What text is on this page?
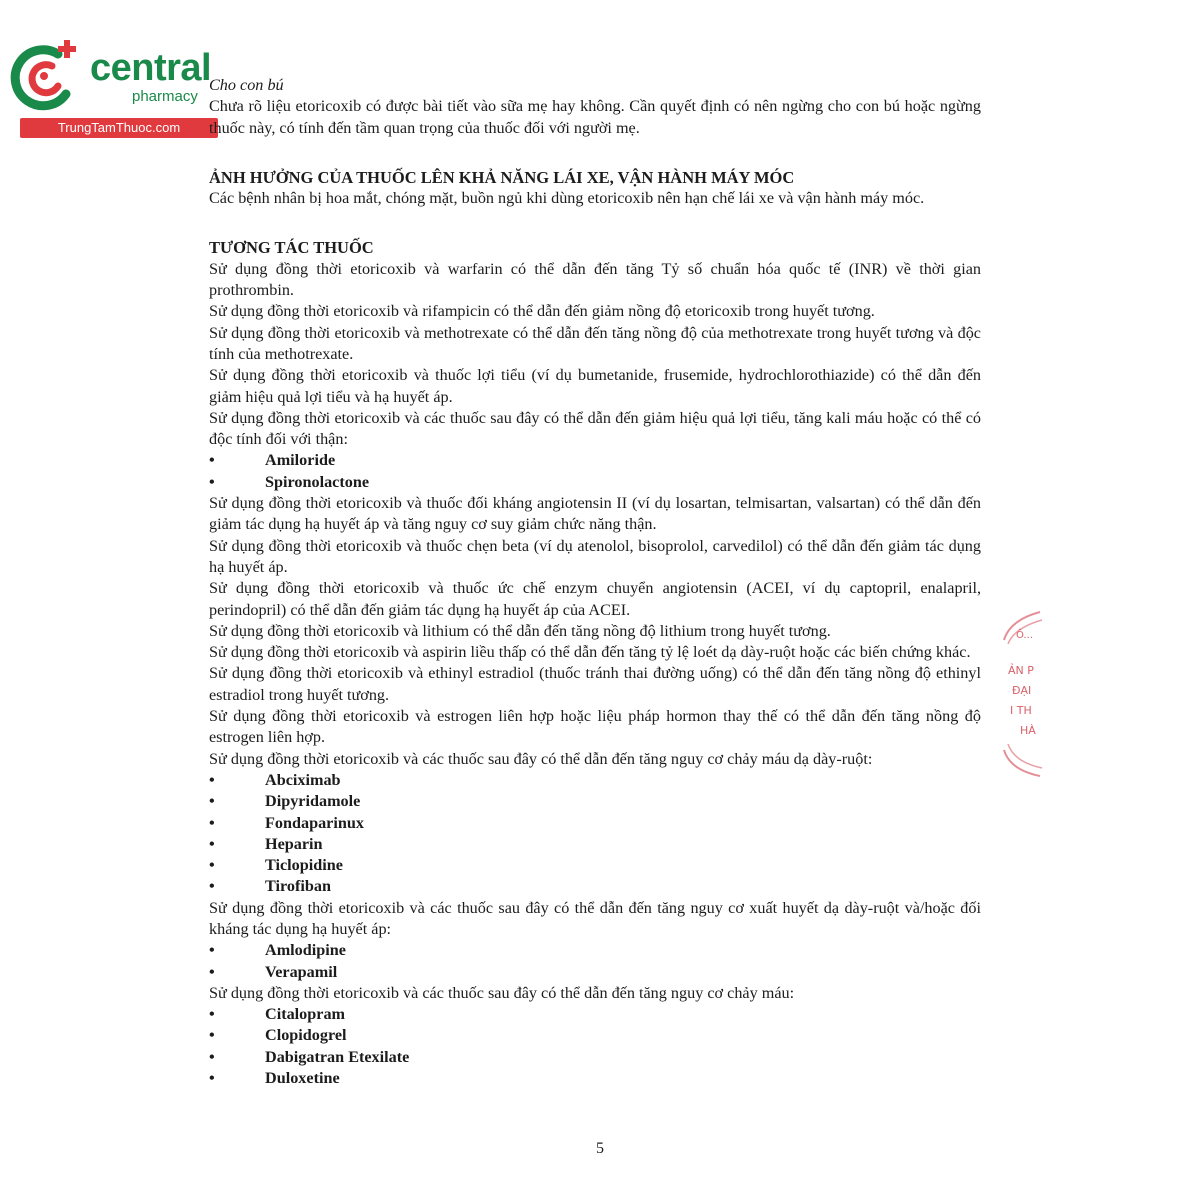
central
pharmacy
TrungTamThuoc.com

Cho con bú

Chưa rõ liệu etoricoxib có được bài tiết vào sữa mẹ hay không. Cần quyết định có nên ngừng cho con bú hoặc ngừng thuốc này, có tính đến tầm quan trọng của thuốc đối với người mẹ.

ẢNH HƯỞNG CỦA THUỐC LÊN KHẢ NĂNG LÁI XE, VẬN HÀNH MÁY MÓC

Các bệnh nhân bị hoa mắt, chóng mặt, buồn ngủ khi dùng etoricoxib nên hạn chế lái xe và vận hành máy móc.

TƯƠNG TÁC THUỐC

Sử dụng đồng thời etoricoxib và warfarin có thể dẫn đến tăng Tỷ số chuẩn hóa quốc tế (INR) về thời gian prothrombin.

Sử dụng đồng thời etoricoxib và rifampicin có thể dẫn đến giảm nồng độ etoricoxib trong huyết tương.

Sử dụng đồng thời etoricoxib và methotrexate có thể dẫn đến tăng nồng độ của methotrexate trong huyết tương và độc tính của methotrexate.

Sử dụng đồng thời etoricoxib và thuốc lợi tiểu (ví dụ bumetanide, frusemide, hydrochlorothiazide) có thể dẫn đến giảm hiệu quả lợi tiểu và hạ huyết áp.

Sử dụng đồng thời etoricoxib và các thuốc sau đây có thể dẫn đến giảm hiệu quả lợi tiểu, tăng kali máu hoặc có thể có độc tính đối với thận:

• Amiloride
• Spironolactone

Sử dụng đồng thời etoricoxib và thuốc đối kháng angiotensin II (ví dụ losartan, telmisartan, valsartan) có thể dẫn đến giảm tác dụng hạ huyết áp và tăng nguy cơ suy giảm chức năng thận.

Sử dụng đồng thời etoricoxib và thuốc chẹn beta (ví dụ atenolol, bisoprolol, carvedilol) có thể dẫn đến giảm tác dụng hạ huyết áp.

Sử dụng đồng thời etoricoxib và thuốc ức chế enzym chuyển angiotensin (ACEI, ví dụ captopril, enalapril, perindopril) có thể dẫn đến giảm tác dụng hạ huyết áp của ACEI.

Sử dụng đồng thời etoricoxib và lithium có thể dẫn đến tăng nồng độ lithium trong huyết tương.

Sử dụng đồng thời etoricoxib và aspirin liều thấp có thể dẫn đến tăng tỷ lệ loét dạ dày-ruột hoặc các biến chứng khác.

Sử dụng đồng thời etoricoxib và ethinyl estradiol (thuốc tránh thai đường uống) có thể dẫn đến tăng nồng độ ethinyl estradiol trong huyết tương.

Sử dụng đồng thời etoricoxib và estrogen liên hợp hoặc liệu pháp hormon thay thế có thể dẫn đến tăng nồng độ estrogen liên hợp.

Sử dụng đồng thời etoricoxib và các thuốc sau đây có thể dẫn đến tăng nguy cơ chảy máu dạ dày-ruột:

• Abciximab
• Dipyridamole
• Fondaparinux
• Heparin
• Ticlopidine
• Tirofiban

Sử dụng đồng thời etoricoxib và các thuốc sau đây có thể dẫn đến tăng nguy cơ xuất huyết dạ dày-ruột và/hoặc đối kháng tác dụng hạ huyết áp:

• Amlodipine
• Verapamil

Sử dụng đồng thời etoricoxib và các thuốc sau đây có thể dẫn đến tăng nguy cơ chảy máu:

• Citalopram
• Clopidogrel
• Dabigatran Etexilate
• Duloxetine
Ô...
ẢN P
ĐẠI
I TH
HÀ
5
